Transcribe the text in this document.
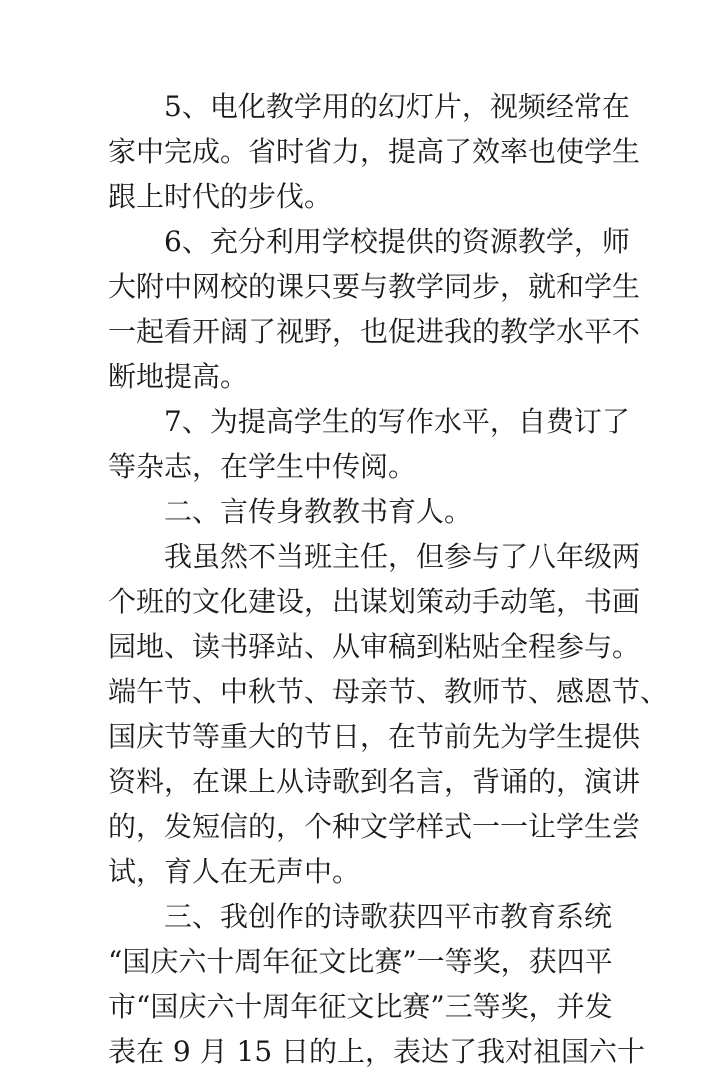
5、电化教学用的幻灯片，视频经常在
家中完成。省时省力，提高了效率也使学生
跟上时代的步伐。
6、充分利用学校提供的资源教学，师
大附中网校的课只要与教学同步，就和学生
一起看开阔了视野，也促进我的教学水平不
断地提高。
7、为提高学生的写作水平，自费订了
等杂志，在学生中传阅。
二、言传身教教书育人。
我虽然不当班主任，但参与了八年级两
个班的文化建设，出谋划策动手动笔，书画
园地、读书驿站、从审稿到粘贴全程参与。
端午节、中秋节、母亲节、教师节、感恩节、
国庆节等重大的节日，在节前先为学生提供
资料，在课上从诗歌到名言，背诵的，演讲
的，发短信的，个种文学样式一一让学生尝
试，育人在无声中。
三、我创作的诗歌获四平市教育系统
“国庆六十周年征文比赛”一等奖，获四平
市“国庆六十周年征文比赛”三等奖，并发
表在 9 月 15 日的上，表达了我对祖国六十
